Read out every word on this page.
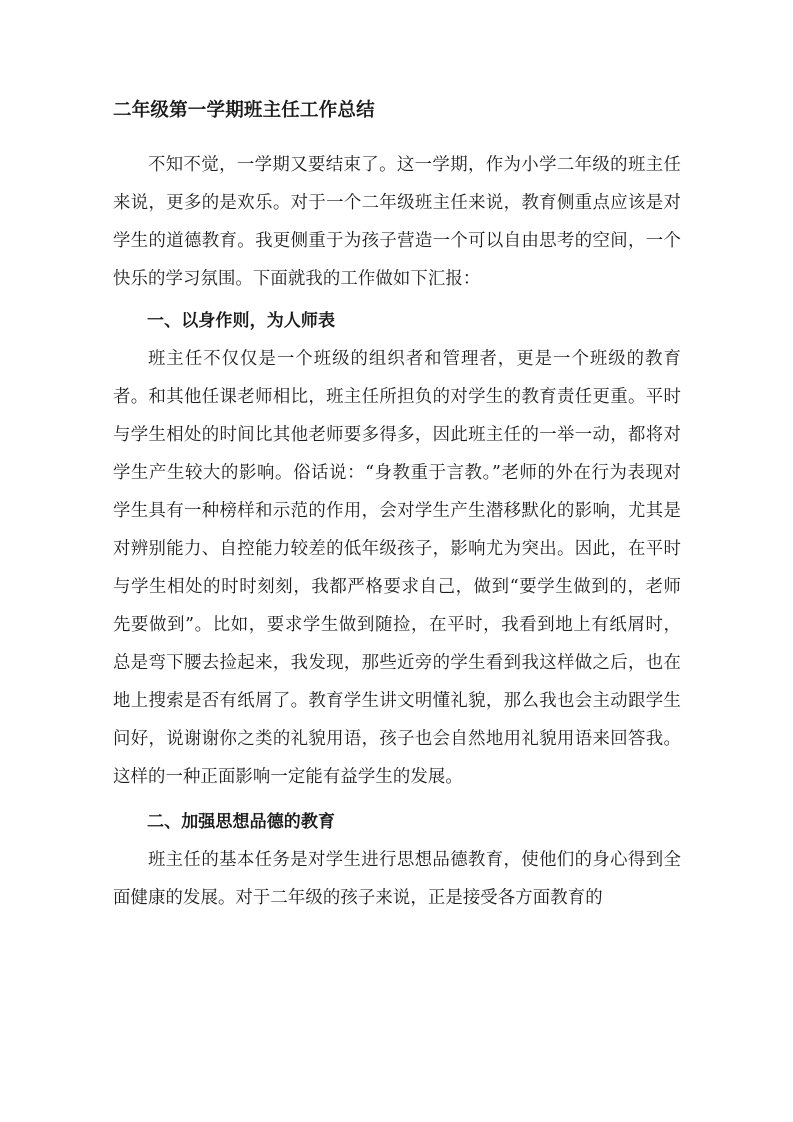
二年级第一学期班主任工作总结

不知不觉，一学期又要结束了。这一学期，作为小学二年级的班主任来说，更多的是欢乐。对于一个二年级班主任来说，教育侧重点应该是对学生的道德教育。我更侧重于为孩子营造一个可以自由思考的空间，一个快乐的学习氛围。下面就我的工作做如下汇报：

一、以身作则，为人师表

班主任不仅仅是一个班级的组织者和管理者，更是一个班级的教育者。和其他任课老师相比，班主任所担负的对学生的教育责任更重。平时与学生相处的时间比其他老师要多得多，因此班主任的一举一动，都将对学生产生较大的影响。俗话说：“身教重于言教。”老师的外在行为表现对学生具有一种榜样和示范的作用，会对学生产生潜移默化的影响，尤其是对辨别能力、自控能力较差的低年级孩子，影响尤为突出。因此，在平时与学生相处的时时刻刻，我都严格要求自己，做到“要学生做到的，老师先要做到”。比如，要求学生做到随捡，在平时，我看到地上有纸屑时，总是弯下腰去捡起来，我发现，那些近旁的学生看到我这样做之后，也在地上搜索是否有纸屑了。教育学生讲文明懂礼貌，那么我也会主动跟学生问好，说谢谢你之类的礼貌用语，孩子也会自然地用礼貌用语来回答我。这样的一种正面影响一定能有益学生的发展。

二、加强思想品德的教育

班主任的基本任务是对学生进行思想品德教育，使他们的身心得到全面健康的发展。对于二年级的孩子来说，正是接受各方面教育的
